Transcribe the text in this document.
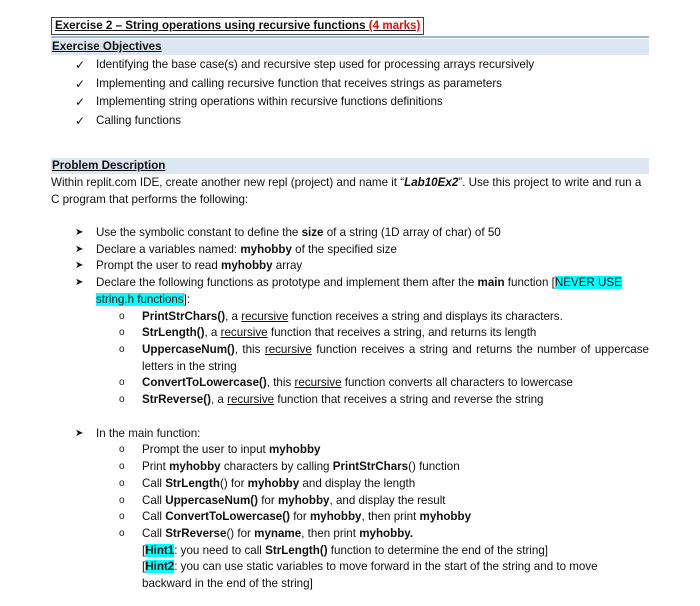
Exercise 2 – String operations using recursive functions (4 marks)
Exercise Objectives
✓ Identifying the base case(s) and recursive step used for processing arrays recursively
✓ Implementing and calling recursive function that receives strings as parameters
✓ Implementing string operations within recursive functions definitions
✓ Calling functions
Problem Description

Within replit.com IDE, create another new repl (project) and name it “Lab10Ex2”. Use this project to write and run a C program that performs the following:

➤ Use the symbolic constant to define the size of a string (1D array of char) of 50
➤ Declare a variables named: myhobby of the specified size
➤ Prompt the user to read myhobby array
➤ Declare the following functions as prototype and implement them after the main function [NEVER USE string.h functions]:
o PrintStrChars(), a recursive function receives a string and displays its characters.
o StrLength(), a recursive function that receives a string, and returns its length
o UppercaseNum(), this recursive function receives a string and returns the number of uppercase letters in the string
o ConvertToLowercase(), this recursive function converts all characters to lowercase
o StrReverse(), a recursive function that receives a string and reverse the string
➤ In the main function:
o Prompt the user to input myhobby
o Print myhobby characters by calling PrintStrChars() function
o Call StrLength() for myhobby and display the length
o Call UppercaseNum() for myhobby, and display the result
o Call ConvertToLowercase() for myhobby, then print myhobby
o Call StrReverse() for myname, then print myhobby.
[Hint1: you need to call StrLength() function to determine the end of the string]
[Hint2: you can use static variables to move forward in the start of the string and to move backward in the end of the string]
